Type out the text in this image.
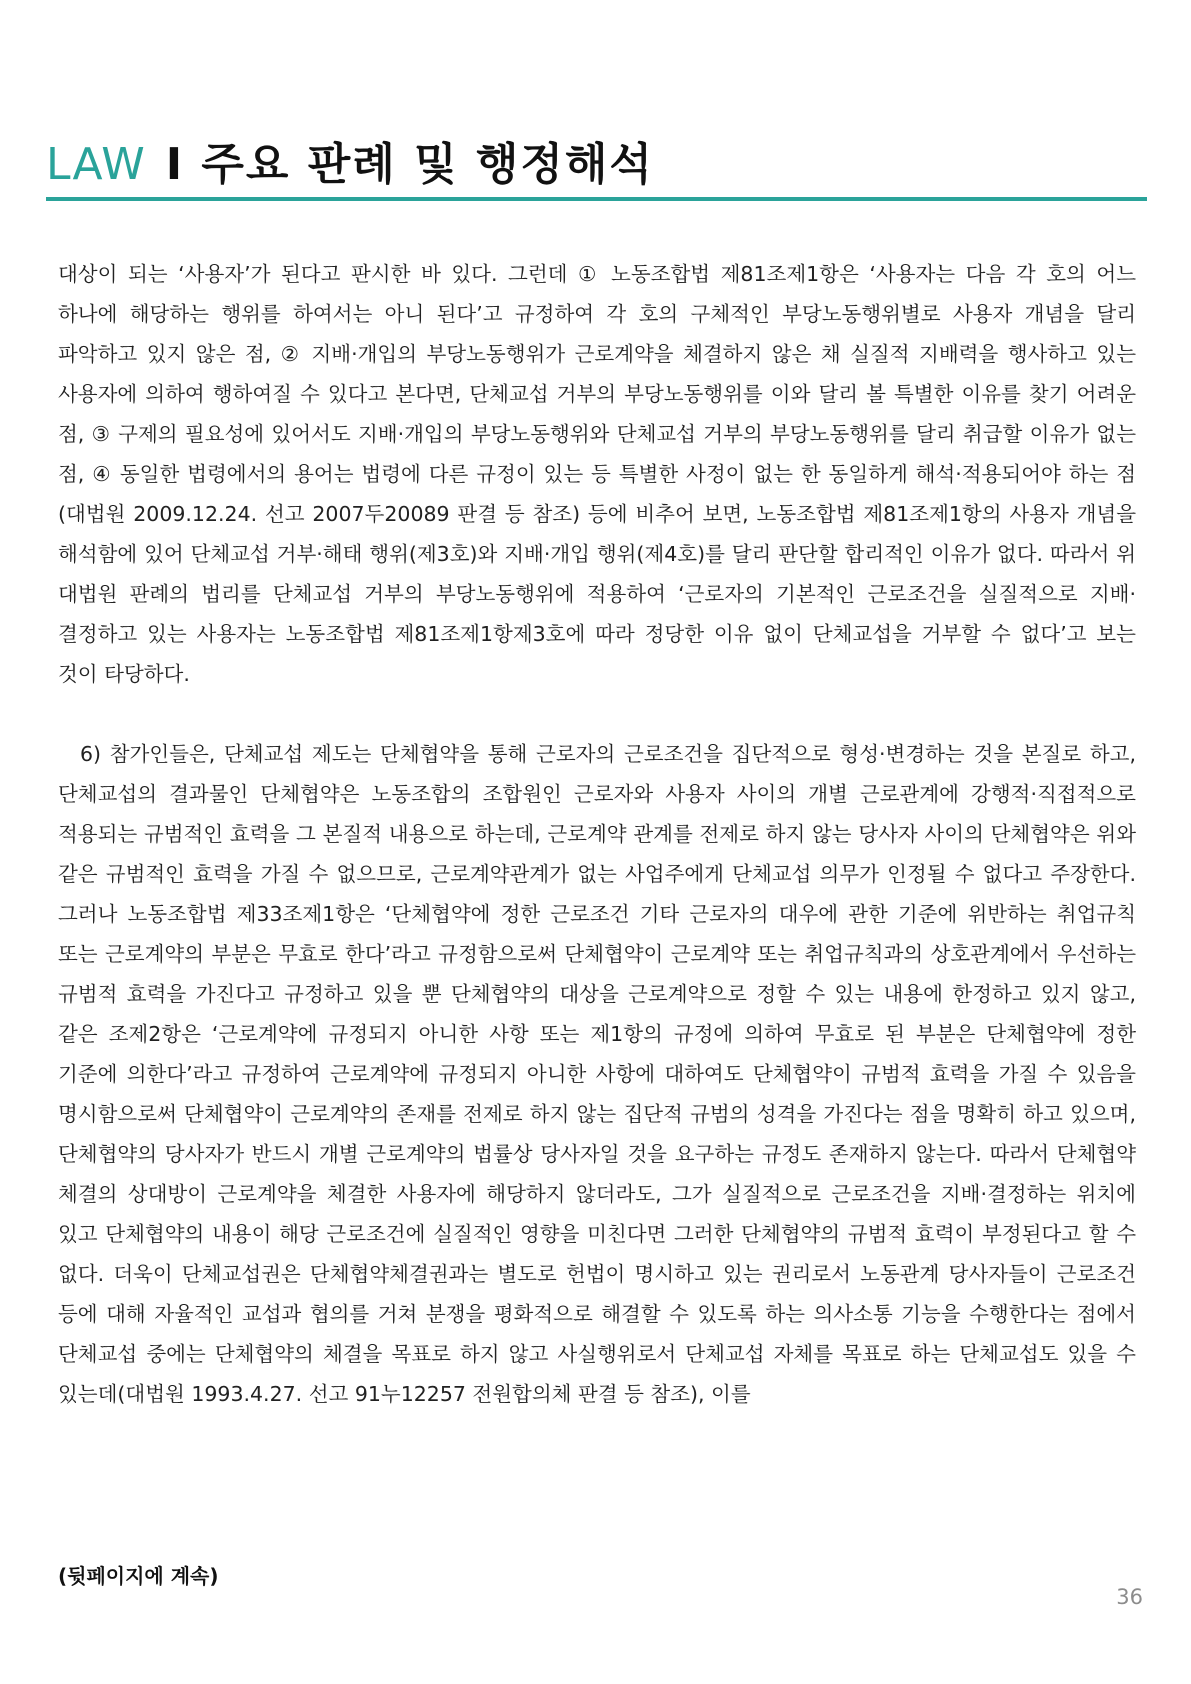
LAW I 주요 판례 및 행정해석

대상이 되는 ‘사용자’가 된다고 판시한 바 있다. 그런데 ① 노동조합법 제81조제1항은 ‘사용자는 다음 각 호의 어느 하나에 해당하는 행위를 하여서는 아니 된다’고 규정하여 각 호의 구체적인 부당노동행위별로 사용자 개념을 달리 파악하고 있지 않은 점, ② 지배·개입의 부당노동행위가 근로계약을 체결하지 않은 채 실질적 지배력을 행사하고 있는 사용자에 의하여 행하여질 수 있다고 본다면, 단체교섭 거부의 부당노동행위를 이와 달리 볼 특별한 이유를 찾기 어려운 점, ③ 구제의 필요성에 있어서도 지배·개입의 부당노동행위와 단체교섭 거부의 부당노동행위를 달리 취급할 이유가 없는 점, ④ 동일한 법령에서의 용어는 법령에 다른 규정이 있는 등 특별한 사정이 없는 한 동일하게 해석·적용되어야 하는 점(대법원 2009.12.24. 선고 2007두20089 판결 등 참조) 등에 비추어 보면, 노동조합법 제81조제1항의 사용자 개념을 해석함에 있어 단체교섭 거부·해태 행위(제3호)와 지배·개입 행위(제4호)를 달리 판단할 합리적인 이유가 없다. 따라서 위 대법원 판례의 법리를 단체교섭 거부의 부당노동행위에 적용하여 ‘근로자의 기본적인 근로조건을 실질적으로 지배·결정하고 있는 사용자는 노동조합법 제81조제1항제3호에 따라 정당한 이유 없이 단체교섭을 거부할 수 없다’고 보는 것이 타당하다.

6) 참가인들은, 단체교섭 제도는 단체협약을 통해 근로자의 근로조건을 집단적으로 형성·변경하는 것을 본질로 하고, 단체교섭의 결과물인 단체협약은 노동조합의 조합원인 근로자와 사용자 사이의 개별 근로관계에 강행적·직접적으로 적용되는 규범적인 효력을 그 본질적 내용으로 하는데, 근로계약 관계를 전제로 하지 않는 당사자 사이의 단체협약은 위와 같은 규범적인 효력을 가질 수 없으므로, 근로계약관계가 없는 사업주에게 단체교섭 의무가 인정될 수 없다고 주장한다. 그러나 노동조합법 제33조제1항은 ‘단체협약에 정한 근로조건 기타 근로자의 대우에 관한 기준에 위반하는 취업규칙 또는 근로계약의 부분은 무효로 한다’라고 규정함으로써 단체협약이 근로계약 또는 취업규칙과의 상호관계에서 우선하는 규범적 효력을 가진다고 규정하고 있을 뿐 단체협약의 대상을 근로계약으로 정할 수 있는 내용에 한정하고 있지 않고, 같은 조제2항은 ‘근로계약에 규정되지 아니한 사항 또는 제1항의 규정에 의하여 무효로 된 부분은 단체협약에 정한 기준에 의한다’라고 규정하여 근로계약에 규정되지 아니한 사항에 대하여도 단체협약이 규범적 효력을 가질 수 있음을 명시함으로써 단체협약이 근로계약의 존재를 전제로 하지 않는 집단적 규범의 성격을 가진다는 점을 명확히 하고 있으며, 단체협약의 당사자가 반드시 개별 근로계약의 법률상 당사자일 것을 요구하는 규정도 존재하지 않는다. 따라서 단체협약 체결의 상대방이 근로계약을 체결한 사용자에 해당하지 않더라도, 그가 실질적으로 근로조건을 지배·결정하는 위치에 있고 단체협약의 내용이 해당 근로조건에 실질적인 영향을 미친다면 그러한 단체협약의 규범적 효력이 부정된다고 할 수 없다. 더욱이 단체교섭권은 단체협약체결권과는 별도로 헌법이 명시하고 있는 권리로서 노동관계 당사자들이 근로조건 등에 대해 자율적인 교섭과 협의를 거쳐 분쟁을 평화적으로 해결할 수 있도록 하는 의사소통 기능을 수행한다는 점에서 단체교섭 중에는 단체협약의 체결을 목표로 하지 않고 사실행위로서 단체교섭 자체를 목표로 하는 단체교섭도 있을 수 있는데(대법원 1993.4.27. 선고 91누12257 전원합의체 판결 등 참조), 이를

(뒷페이지에 계속)
36
